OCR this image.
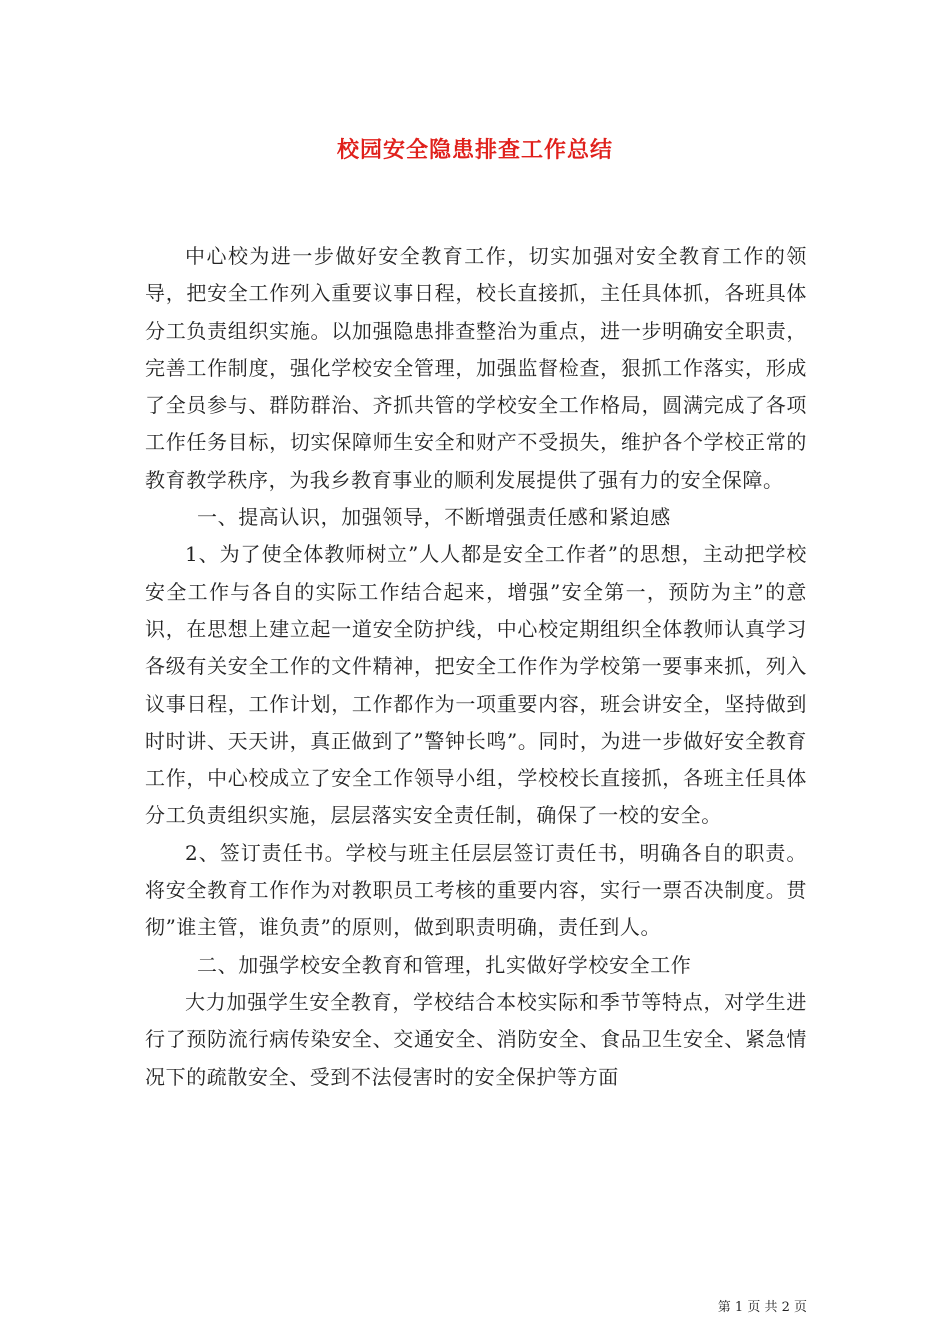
校园安全隐患排查工作总结

中心校为进一步做好安全教育工作，切实加强对安全教育工作的领导，把安全工作列入重要议事日程，校长直接抓，主任具体抓，各班具体分工负责组织实施。以加强隐患排查整治为重点，进一步明确安全职责，完善工作制度，强化学校安全管理，加强监督检查，狠抓工作落实，形成了全员参与、群防群治、齐抓共管的学校安全工作格局，圆满完成了各项工作任务目标，切实保障师生安全和财产不受损失，维护各个学校正常的教育教学秩序，为我乡教育事业的顺利发展提供了强有力的安全保障。

一、提高认识，加强领导，不断增强责任感和紧迫感

1、为了使全体教师树立”人人都是安全工作者”的思想，主动把学校安全工作与各自的实际工作结合起来，增强”安全第一，预防为主”的意识，在思想上建立起一道安全防护线，中心校定期组织全体教师认真学习各级有关安全工作的文件精神，把安全工作作为学校第一要事来抓，列入议事日程，工作计划，工作都作为一项重要内容，班会讲安全，坚持做到时时讲、天天讲，真正做到了”警钟长鸣”。同时，为进一步做好安全教育工作，中心校成立了安全工作领导小组，学校校长直接抓，各班主任具体分工负责组织实施，层层落实安全责任制，确保了一校的安全。

2、签订责任书。学校与班主任层层签订责任书，明确各自的职责。将安全教育工作作为对教职员工考核的重要内容，实行一票否决制度。贯彻”谁主管，谁负责”的原则，做到职责明确，责任到人。

二、加强学校安全教育和管理，扎实做好学校安全工作

大力加强学生安全教育，学校结合本校实际和季节等特点，对学生进行了预防流行病传染安全、交通安全、消防安全、食品卫生安全、紧急情况下的疏散安全、受到不法侵害时的安全保护等方面

第 1 页 共 2 页
